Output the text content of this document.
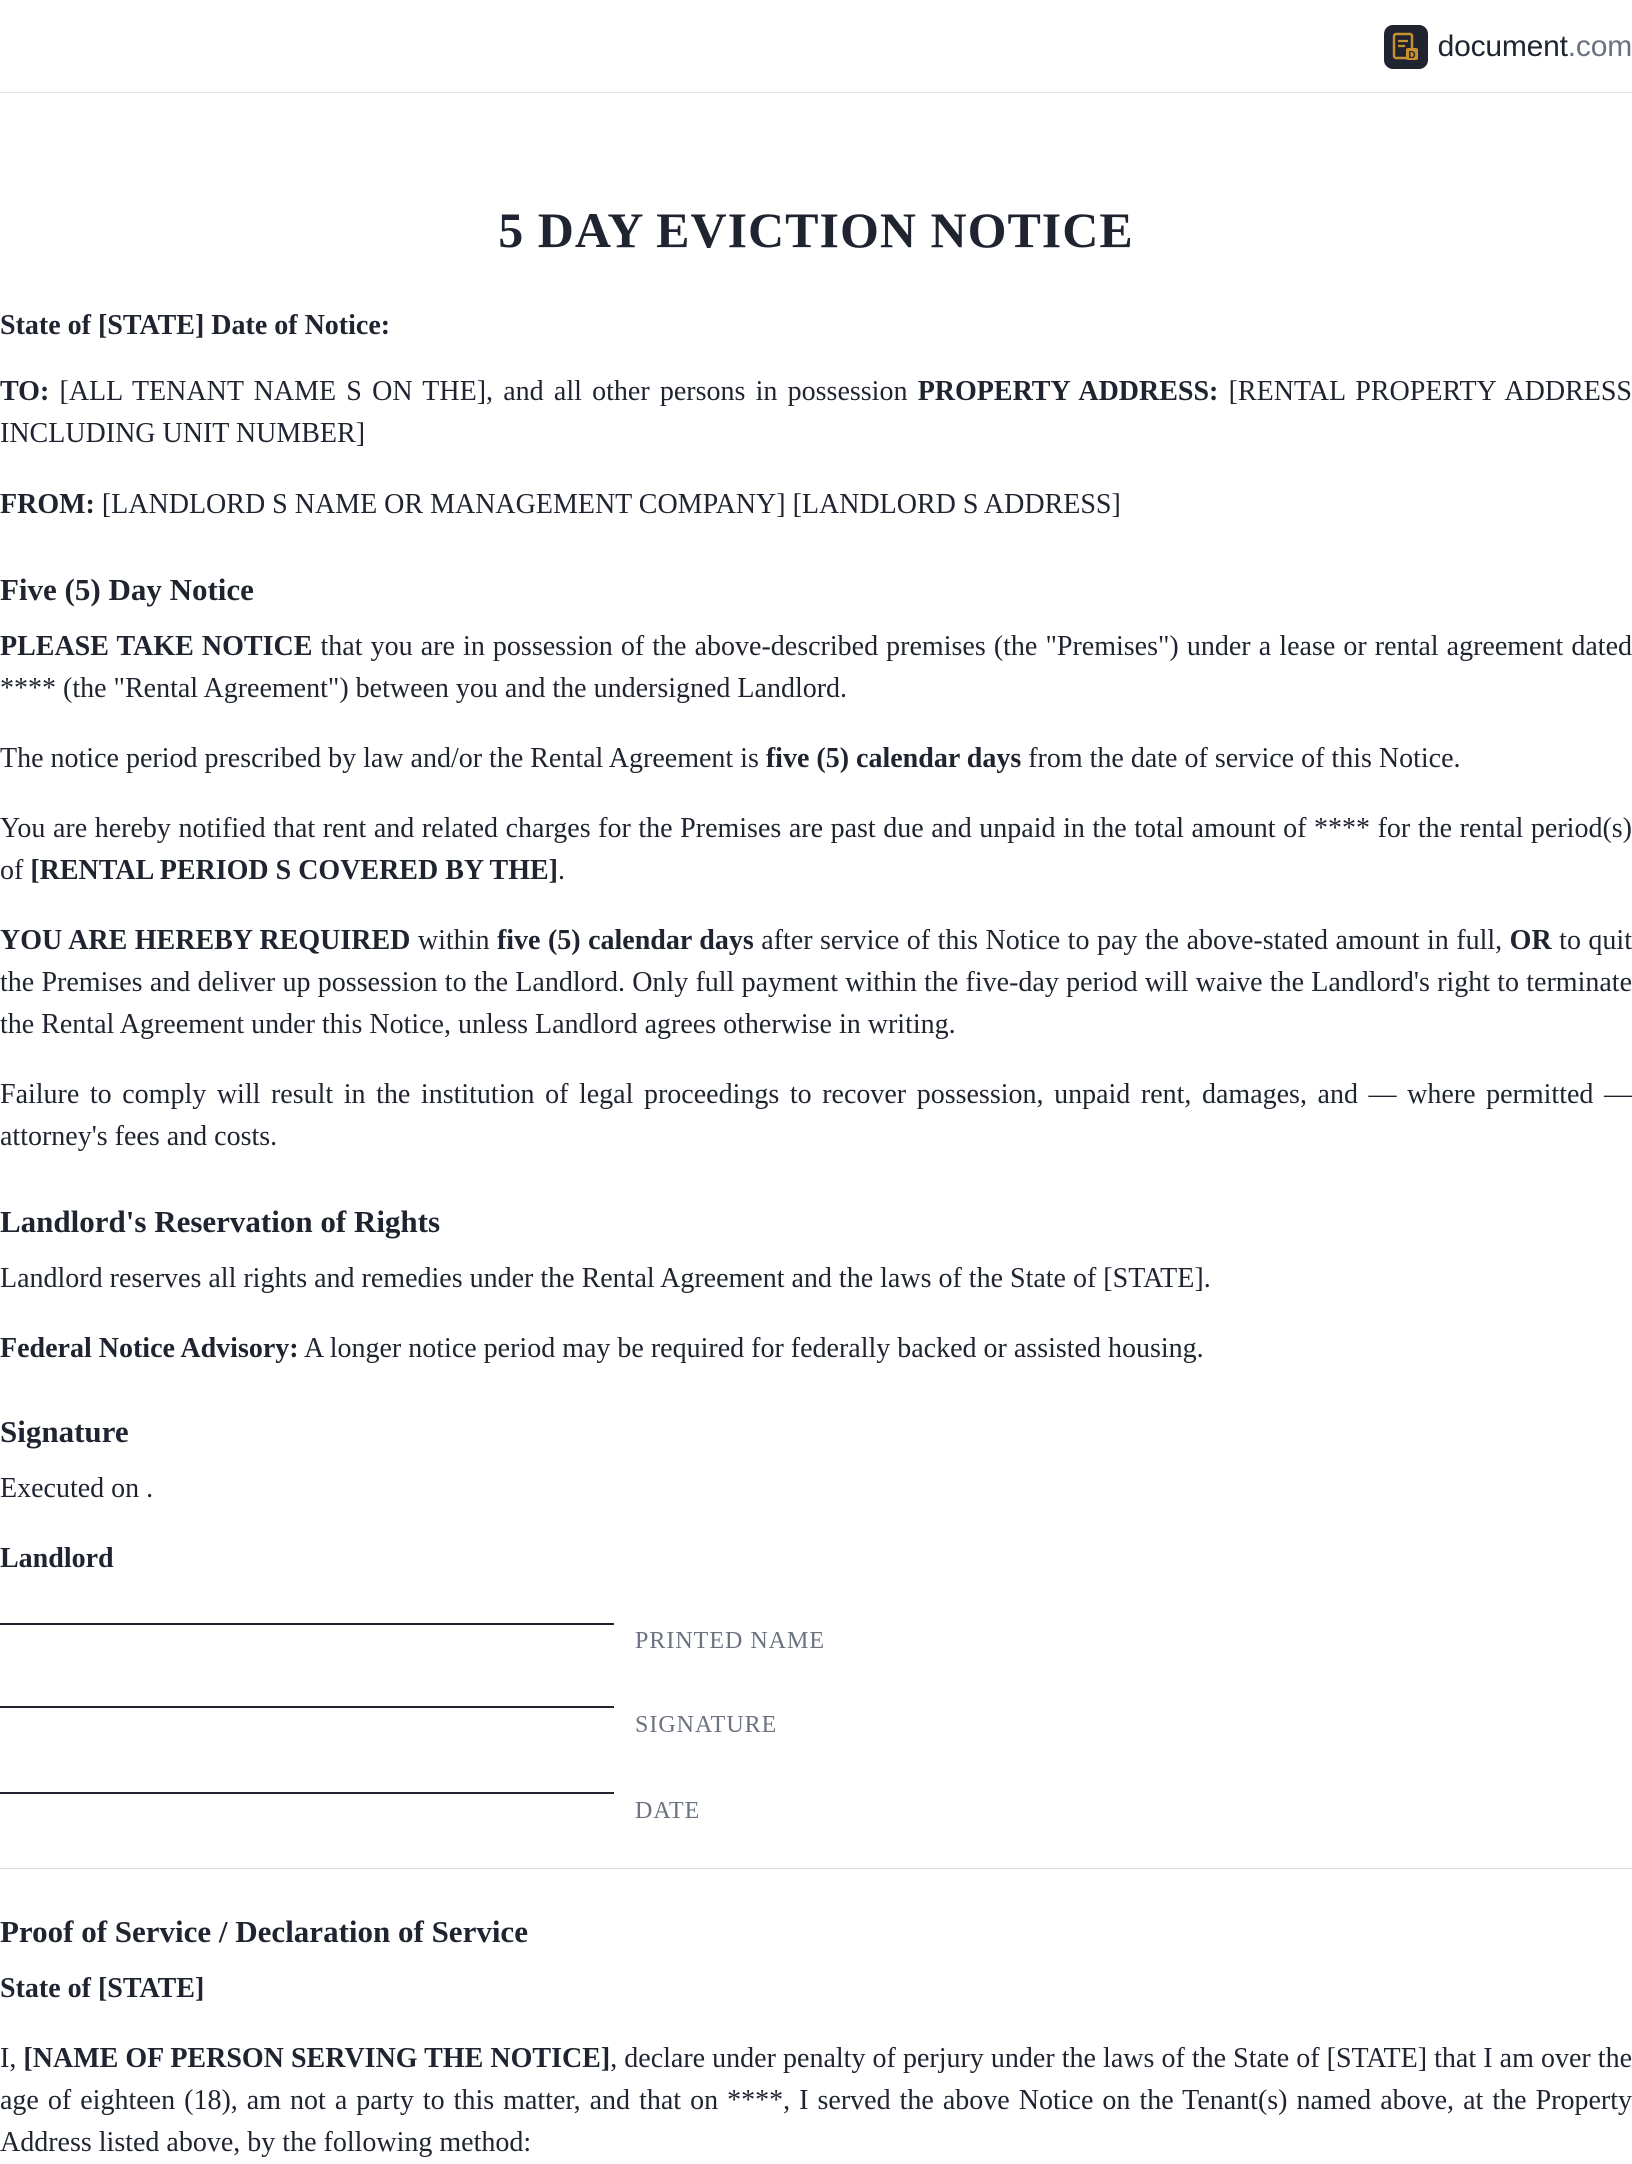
D document.com
5 DAY EVICTION NOTICE

State of [STATE] Date of Notice:

TO: [ALL TENANT NAME S ON THE], and all other persons in possession PROPERTY ADDRESS: [RENTAL PROPERTY ADDRESS INCLUDING UNIT NUMBER]

FROM: [LANDLORD S NAME OR MANAGEMENT COMPANY] [LANDLORD S ADDRESS]

Five (5) Day Notice

PLEASE TAKE NOTICE that you are in possession of the above-described premises (the "Premises") under a lease or rental agreement dated **** (the "Rental Agreement") between you and the undersigned Landlord.

The notice period prescribed by law and/or the Rental Agreement is five (5) calendar days from the date of service of this Notice.

You are hereby notified that rent and related charges for the Premises are past due and unpaid in the total amount of **** for the rental period(s) of [RENTAL PERIOD S COVERED BY THE].

YOU ARE HEREBY REQUIRED within five (5) calendar days after service of this Notice to pay the above-stated amount in full, OR to quit the Premises and deliver up possession to the Landlord. Only full payment within the five-day period will waive the Landlord's right to terminate the Rental Agreement under this Notice, unless Landlord agrees otherwise in writing.

Failure to comply will result in the institution of legal proceedings to recover possession, unpaid rent, damages, and — where permitted — attorney's fees and costs.

Landlord's Reservation of Rights

Landlord reserves all rights and remedies under the Rental Agreement and the laws of the State of [STATE].

Federal Notice Advisory: A longer notice period may be required for federally backed or assisted housing.

Signature

Executed on .

Landlord

PRINTED NAME
SIGNATURE
DATE
Proof of Service / Declaration of Service

State of [STATE]

I, [NAME OF PERSON SERVING THE NOTICE], declare under penalty of perjury under the laws of the State of [STATE] that I am over the age of eighteen (18), am not a party to this matter, and that on ****, I served the above Notice on the Tenant(s) named above, at the Property Address listed above, by the following method:
